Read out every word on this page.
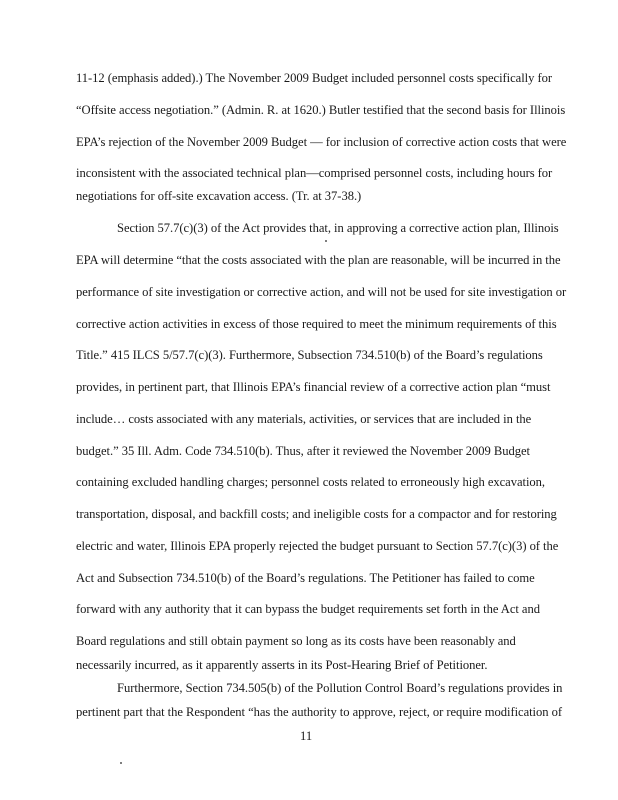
11-12 (emphasis added).) The November 2009 Budget included personnel costs specifically for
“Offsite access negotiation.” (Admin. R. at 1620.) Butler testified that the second basis for Illinois
EPA’s rejection of the November 2009 Budget — for inclusion of corrective action costs that were
inconsistent with the associated technical plan—comprised personnel costs, including hours for
negotiations for off-site excavation access. (Tr. at 37-38.)
Section 57.7(c)(3) of the Act provides that, in approving a corrective action plan, Illinois
EPA will determine “that the costs associated with the plan are reasonable, will be incurred in the
performance of site investigation or corrective action, and will not be used for site investigation or
corrective action activities in excess of those required to meet the minimum requirements of this
Title.” 415 ILCS 5/57.7(c)(3). Furthermore, Subsection 734.510(b) of the Board’s regulations
provides, in pertinent part, that Illinois EPA’s financial review of a corrective action plan “must
include… costs associated with any materials, activities, or services that are included in the
budget.” 35 Ill. Adm. Code 734.510(b). Thus, after it reviewed the November 2009 Budget
containing excluded handling charges; personnel costs related to erroneously high excavation,
transportation, disposal, and backfill costs; and ineligible costs for a compactor and for restoring
electric and water, Illinois EPA properly rejected the budget pursuant to Section 57.7(c)(3) of the
Act and Subsection 734.510(b) of the Board’s regulations. The Petitioner has failed to come
forward with any authority that it can bypass the budget requirements set forth in the Act and
Board regulations and still obtain payment so long as its costs have been reasonably and
necessarily incurred, as it apparently asserts in its Post-Hearing Brief of Petitioner.
Furthermore, Section 734.505(b) of the Pollution Control Board’s regulations provides in
pertinent part that the Respondent “has the authority to approve, reject, or require modification of
11
